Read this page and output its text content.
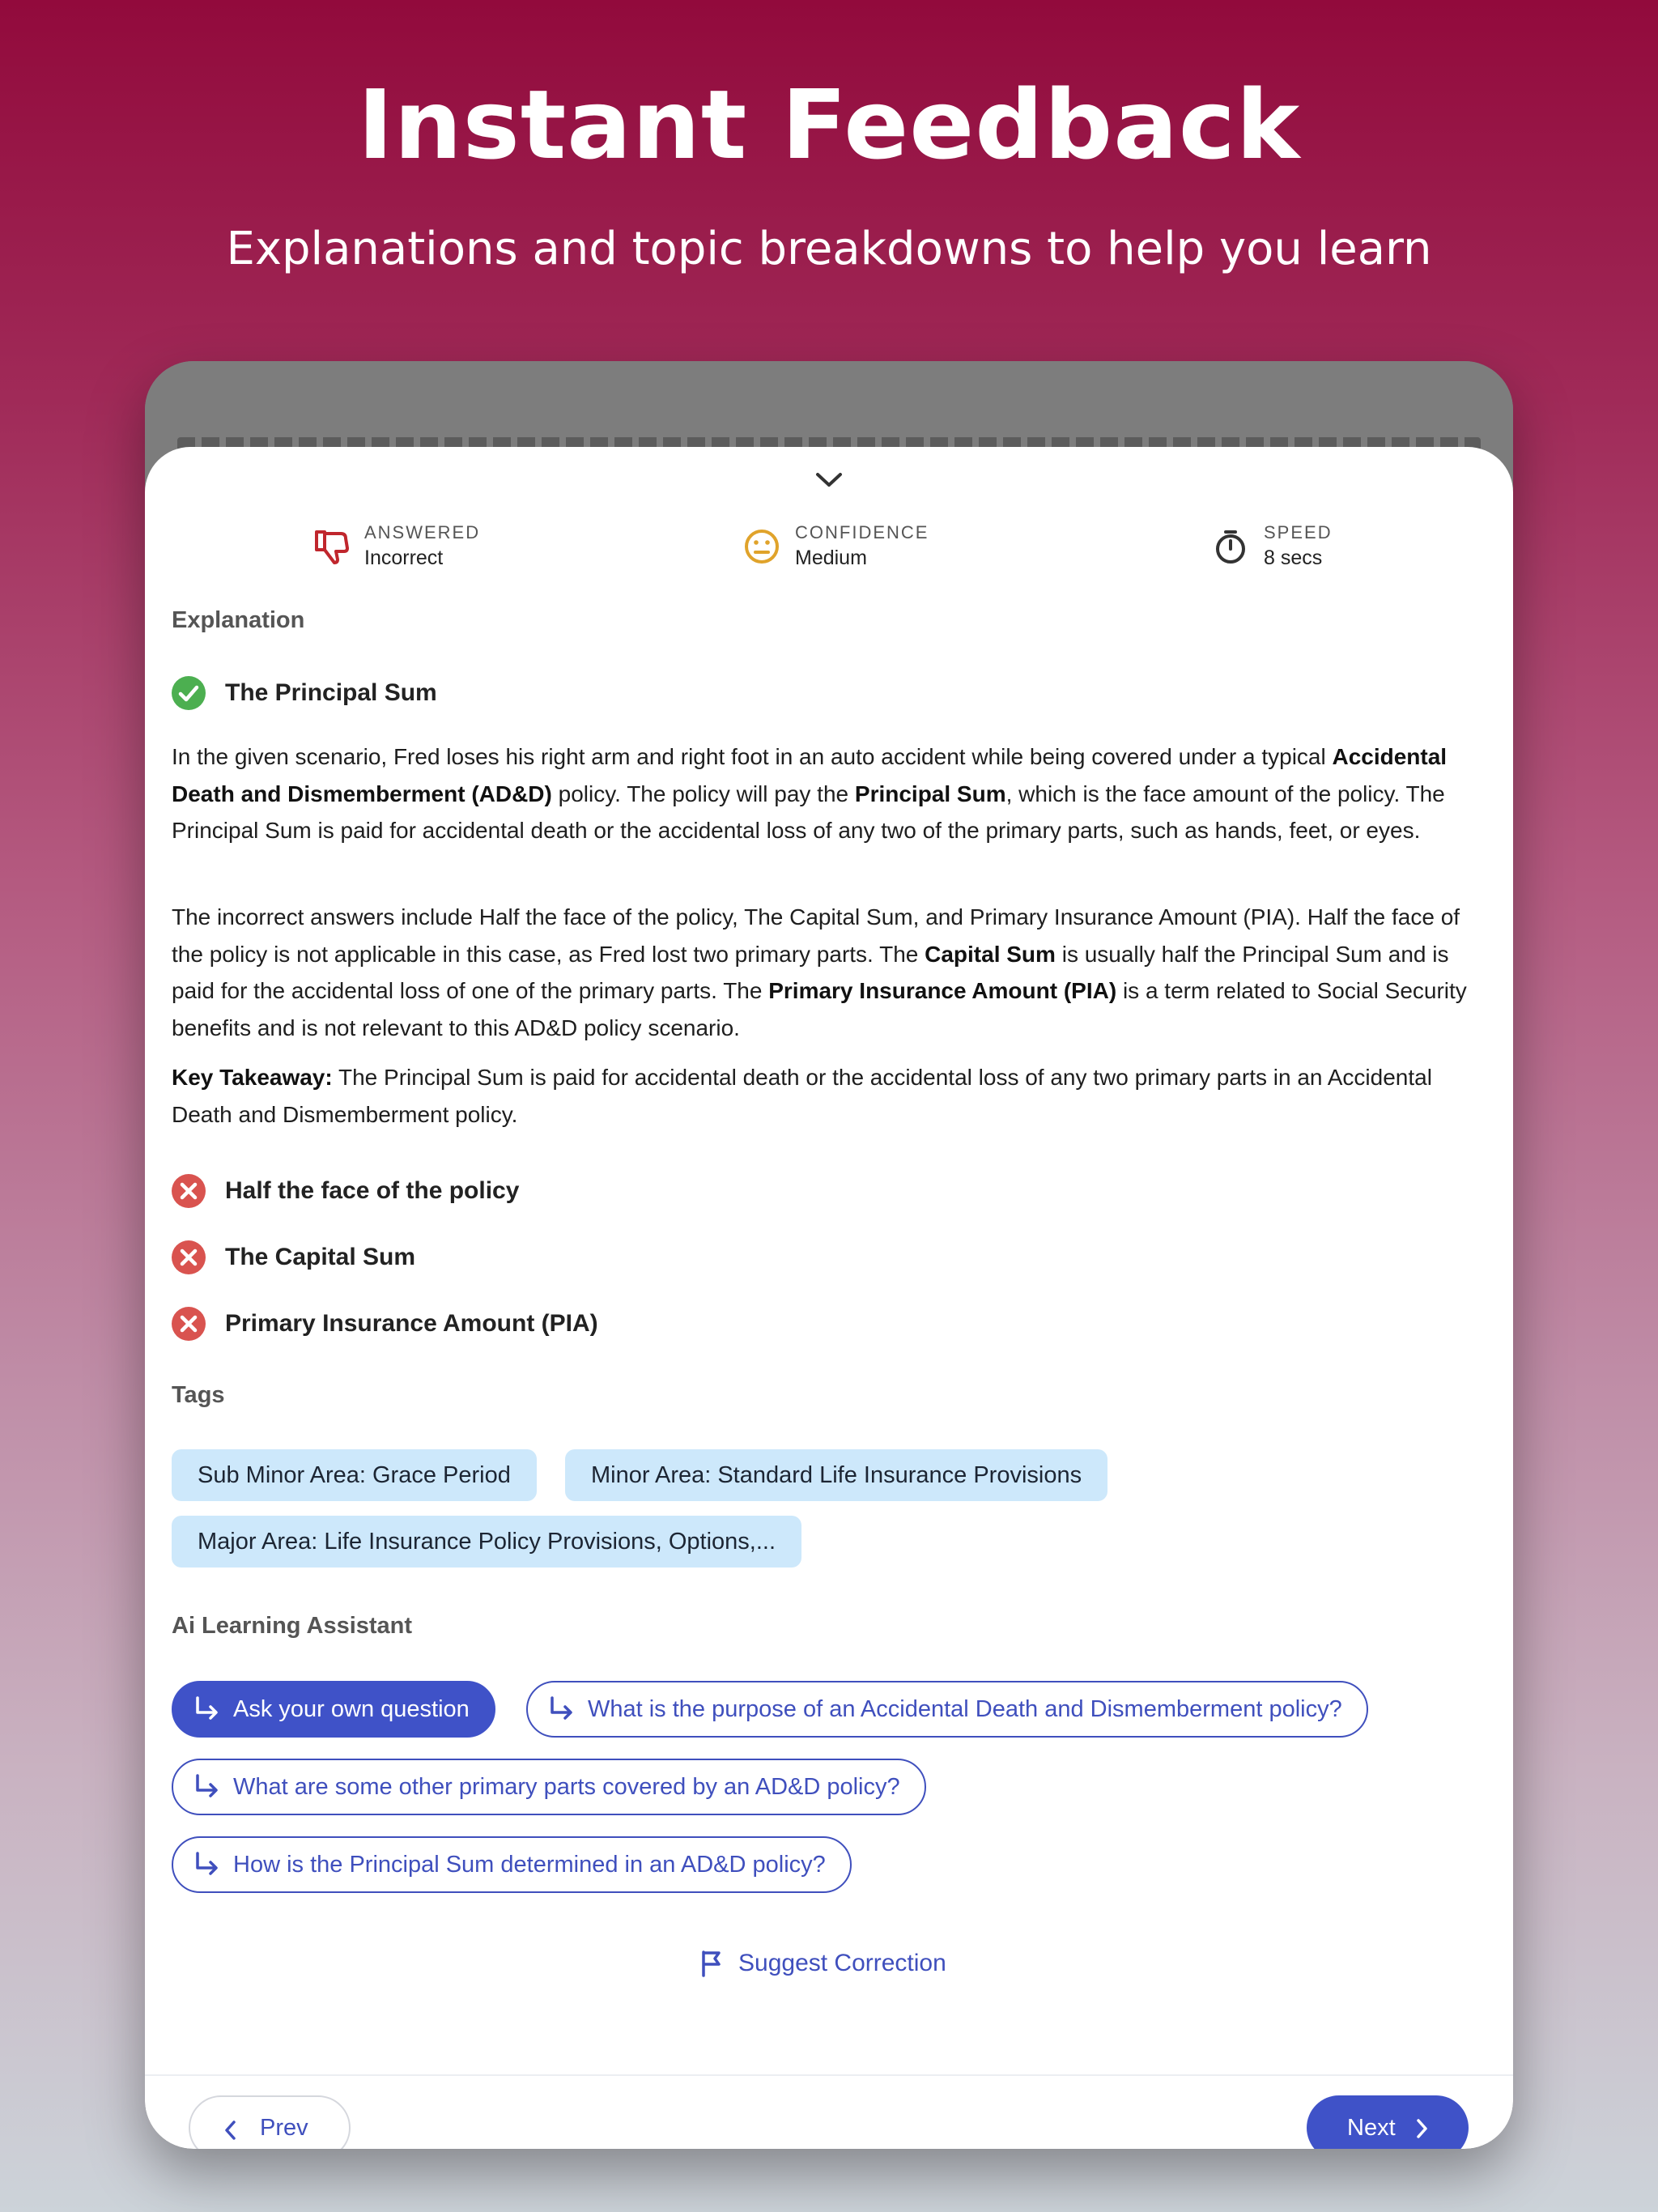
Instant Feedback
Explanations and topic breakdowns to help you learn
ANSWERED
Incorrect
CONFIDENCE
Medium
SPEED
8 secs
Explanation
The Principal Sum
In the given scenario, Fred loses his right arm and right foot in an auto accident while being covered under a typical Accidental Death and Dismemberment (AD&D) policy. The policy will pay the Principal Sum, which is the face amount of the policy. The Principal Sum is paid for accidental death or the accidental loss of any two of the primary parts, such as hands, feet, or eyes.
The incorrect answers include Half the face of the policy, The Capital Sum, and Primary Insurance Amount (PIA). Half the face of the policy is not applicable in this case, as Fred lost two primary parts. The Capital Sum is usually half the Principal Sum and is paid for the accidental loss of one of the primary parts. The Primary Insurance Amount (PIA) is a term related to Social Security benefits and is not relevant to this AD&D policy scenario.
Key Takeaway: The Principal Sum is paid for accidental death or the accidental loss of any two primary parts in an Accidental Death and Dismemberment policy.
Half the face of the policy
The Capital Sum
Primary Insurance Amount (PIA)
Tags
Sub Minor Area: Grace Period	Minor Area: Standard Life Insurance Provisions
Major Area: Life Insurance Policy Provisions, Options,...
Ai Learning Assistant
Ask your own question	What is the purpose of an Accidental Death and Dismemberment policy?
What are some other primary parts covered by an AD&D policy?
How is the Principal Sum determined in an AD&D policy?
Suggest Correction
Prev	Next
